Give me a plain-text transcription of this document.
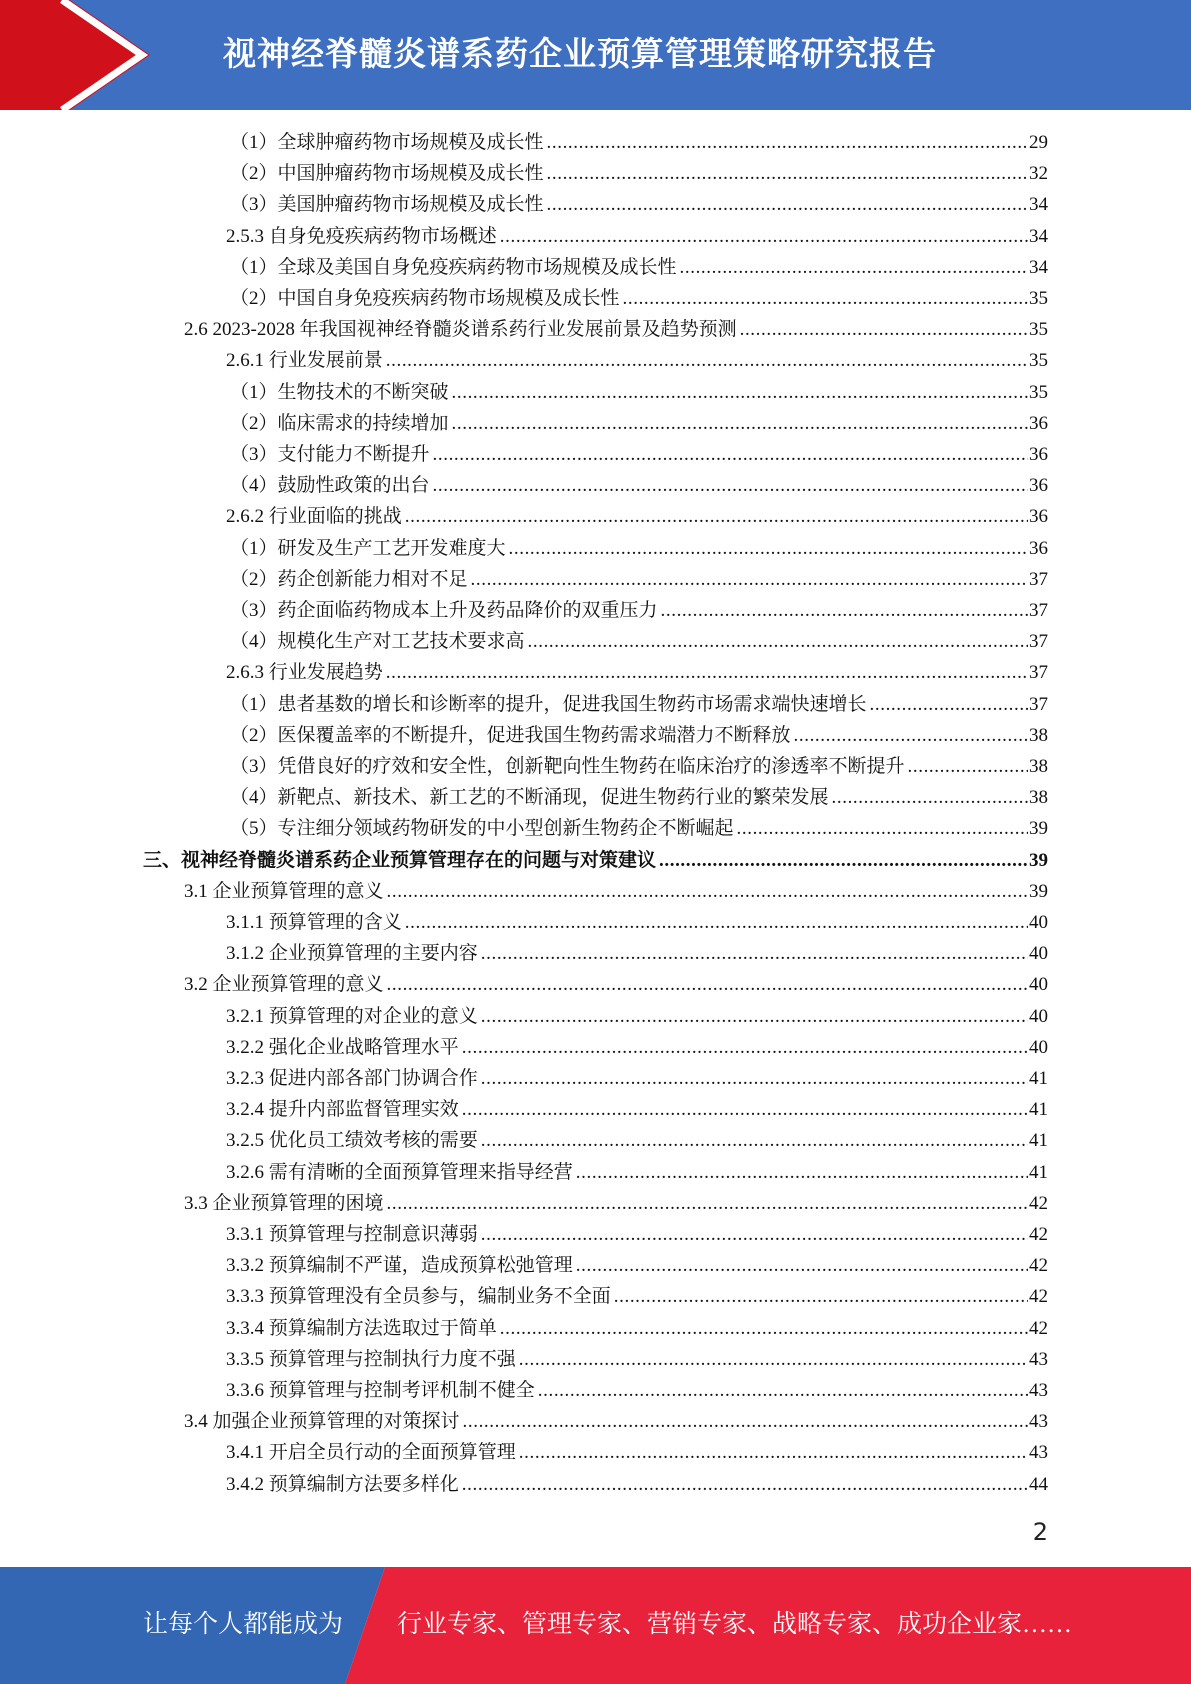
视神经脊髓炎谱系药企业预算管理策略研究报告
（1）全球肿瘤药物市场规模及成长性 .....	29
（2）中国肿瘤药物市场规模及成长性 .....	32
（3）美国肿瘤药物市场规模及成长性 .....	34
2.5.3 自身免疫疾病药物市场概述 .....	34
（1）全球及美国自身免疫疾病药物市场规模及成长性 .....	34
（2）中国自身免疫疾病药物市场规模及成长性 .....	35
2.6 2023-2028 年我国视神经脊髓炎谱系药行业发展前景及趋势预测 .....	35
2.6.1 行业发展前景 .....	35
（1）生物技术的不断突破 .....	35
（2）临床需求的持续增加 .....	36
（3）支付能力不断提升 .....	36
（4）鼓励性政策的出台 .....	36
2.6.2 行业面临的挑战 .....	36
（1）研发及生产工艺开发难度大 .....	36
（2）药企创新能力相对不足 .....	37
（3）药企面临药物成本上升及药品降价的双重压力 .....	37
（4）规模化生产对工艺技术要求高 .....	37
2.6.3 行业发展趋势 .....	37
（1）患者基数的增长和诊断率的提升，促进我国生物药市场需求端快速增长 .....	37
（2）医保覆盖率的不断提升，促进我国生物药需求端潜力不断释放 .....	38
（3）凭借良好的疗效和安全性，创新靶向性生物药在临床治疗的渗透率不断提升 .....	38
（4）新靶点、新技术、新工艺的不断涌现，促进生物药行业的繁荣发展 .....	38
（5）专注细分领域药物研发的中小型创新生物药企不断崛起 .....	39
三、视神经脊髓炎谱系药企业预算管理存在的问题与对策建议 .....	39
3.1 企业预算管理的意义 .....	39
3.1.1 预算管理的含义 .....	40
3.1.2 企业预算管理的主要内容 .....	40
3.2 企业预算管理的意义 .....	40
3.2.1 预算管理的对企业的意义 .....	40
3.2.2 强化企业战略管理水平 .....	40
3.2.3 促进内部各部门协调合作 .....	41
3.2.4 提升内部监督管理实效 .....	41
3.2.5 优化员工绩效考核的需要 .....	41
3.2.6 需有清晰的全面预算管理来指导经营 .....	41
3.3 企业预算管理的困境 .....	42
3.3.1 预算管理与控制意识薄弱 .....	42
3.3.2 预算编制不严谨，造成预算松弛管理 .....	42
3.3.3 预算管理没有全员参与，编制业务不全面 .....	42
3.3.4 预算编制方法选取过于简单 .....	42
3.3.5 预算管理与控制执行力度不强 .....	43
3.3.6 预算管理与控制考评机制不健全 .....	43
3.4 加强企业预算管理的对策探讨 .....	43
3.4.1 开启全员行动的全面预算管理 .....	43
3.4.2 预算编制方法要多样化 .....	44
2
让每个人都能成为 行业专家、管理专家、营销专家、战略专家、成功企业家……
